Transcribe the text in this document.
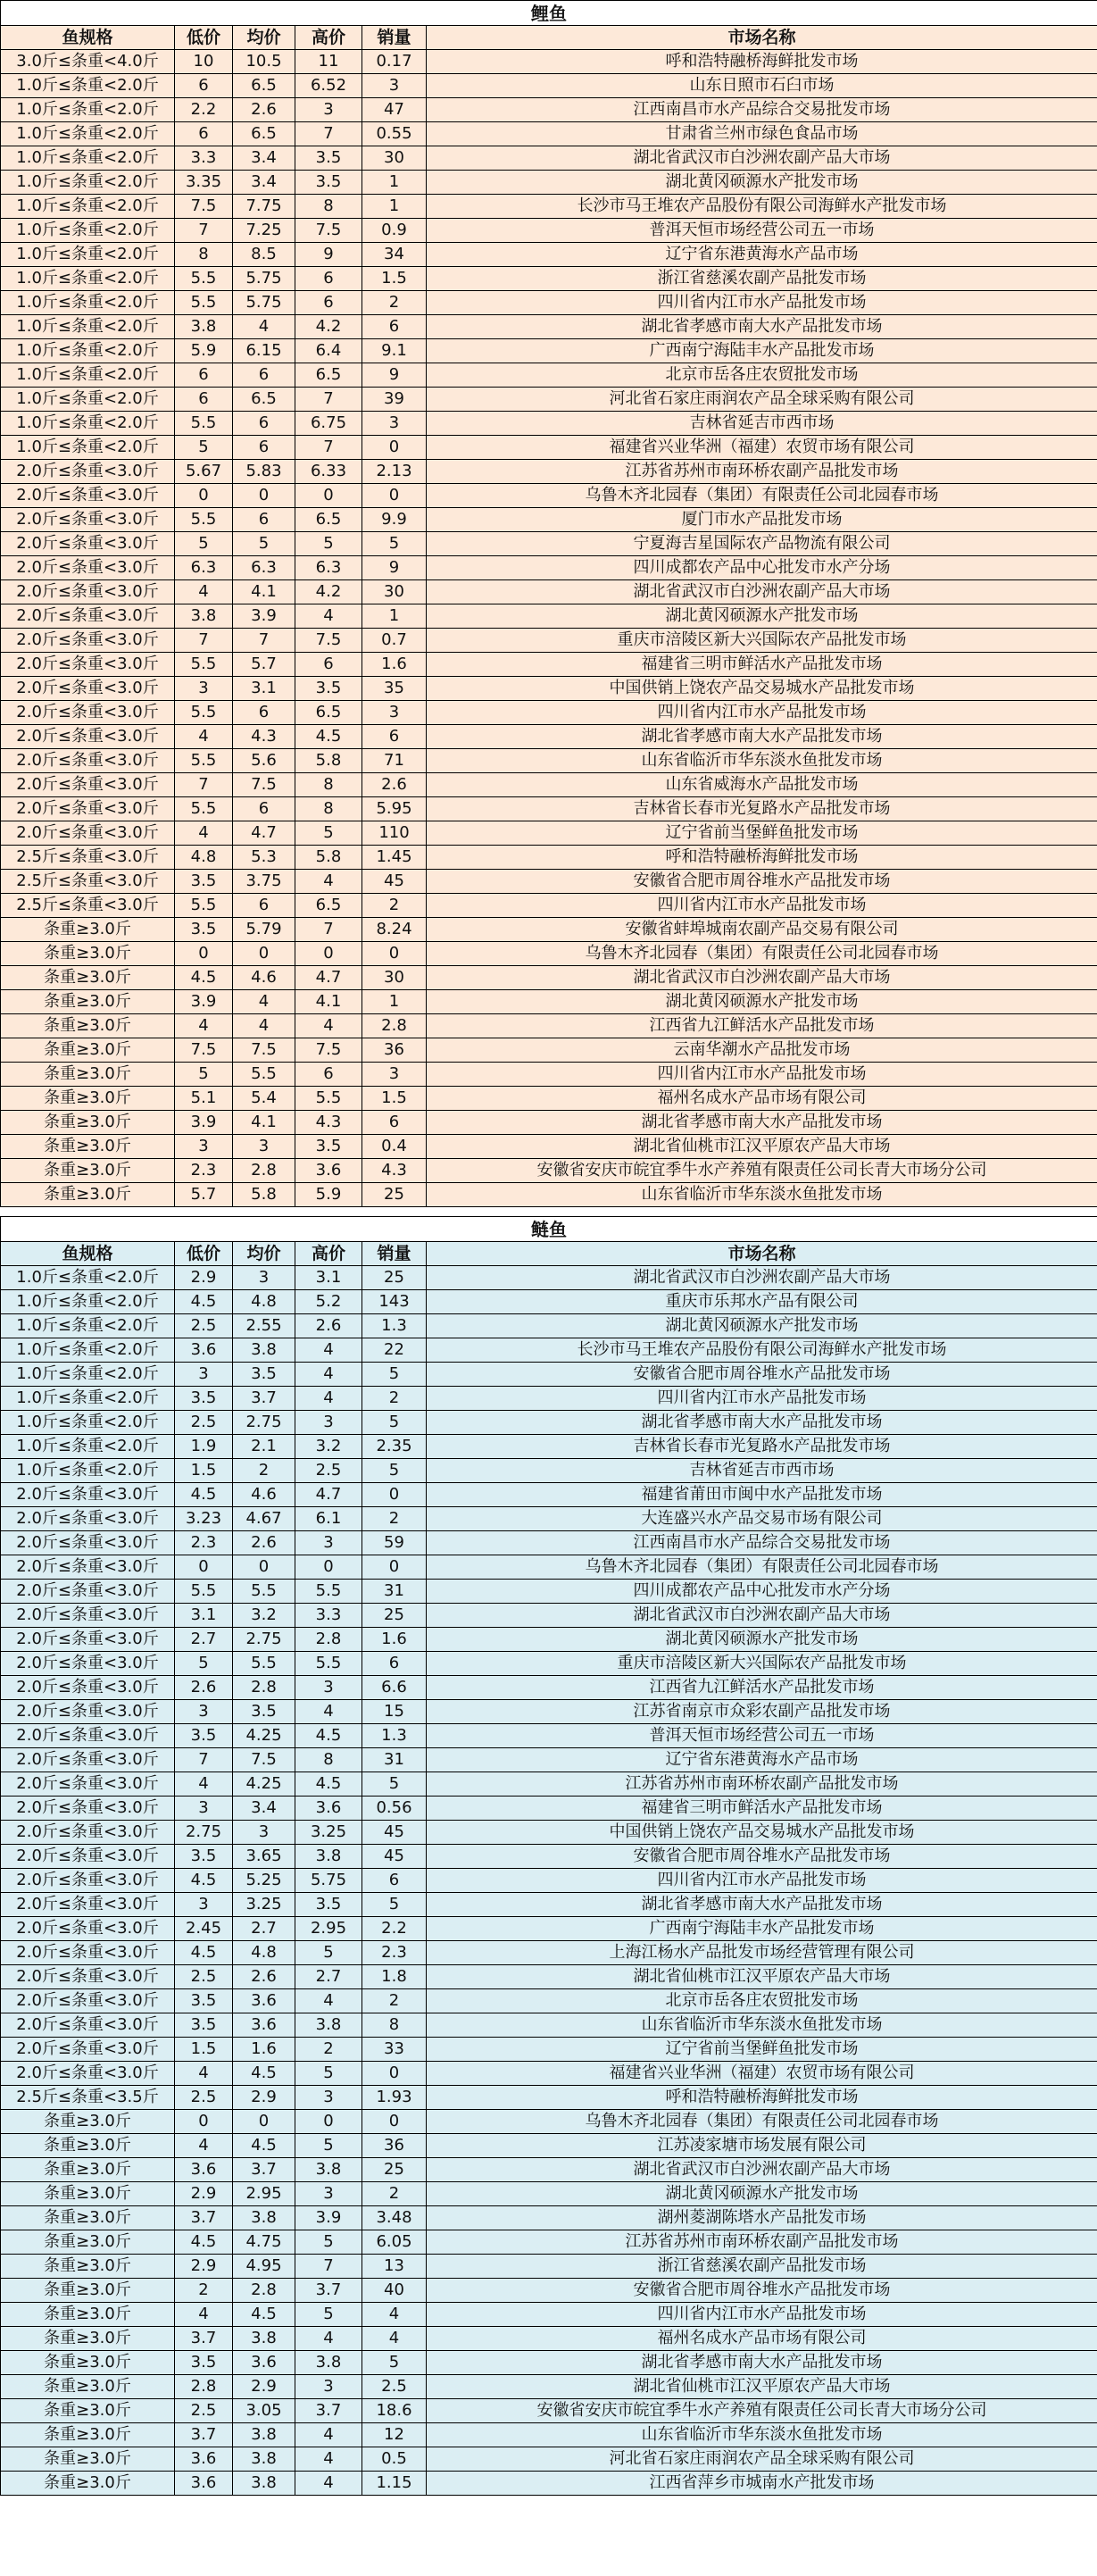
鲤鱼					
鱼规格	低价	均价	高价	销量	市场名称
3.0斤≤条重<4.0斤	10	10.5	11	0.17	呼和浩特融桥海鲜批发市场
1.0斤≤条重<2.0斤	6	6.5	6.52	3	山东日照市石臼市场
1.0斤≤条重<2.0斤	2.2	2.6	3	47	江西南昌市水产品综合交易批发市场
1.0斤≤条重<2.0斤	6	6.5	7	0.55	甘肃省兰州市绿色食品市场
1.0斤≤条重<2.0斤	3.3	3.4	3.5	30	湖北省武汉市白沙洲农副产品大市场
1.0斤≤条重<2.0斤	3.35	3.4	3.5	1	湖北黄冈硕源水产批发市场
1.0斤≤条重<2.0斤	7.5	7.75	8	1	长沙市马王堆农产品股份有限公司海鲜水产批发市场
1.0斤≤条重<2.0斤	7	7.25	7.5	0.9	普洱天恒市场经营公司五一市场
1.0斤≤条重<2.0斤	8	8.5	9	34	辽宁省东港黄海水产品市场
1.0斤≤条重<2.0斤	5.5	5.75	6	1.5	浙江省慈溪农副产品批发市场
1.0斤≤条重<2.0斤	5.5	5.75	6	2	四川省内江市水产品批发市场
1.0斤≤条重<2.0斤	3.8	4	4.2	6	湖北省孝感市南大水产品批发市场
1.0斤≤条重<2.0斤	5.9	6.15	6.4	9.1	广西南宁海陆丰水产品批发市场
1.0斤≤条重<2.0斤	6	6	6.5	9	北京市岳各庄农贸批发市场
1.0斤≤条重<2.0斤	6	6.5	7	39	河北省石家庄雨润农产品全球采购有限公司
1.0斤≤条重<2.0斤	5.5	6	6.75	3	吉林省延吉市西市场
1.0斤≤条重<2.0斤	5	6	7	0	福建省兴业华洲（福建）农贸市场有限公司
2.0斤≤条重<3.0斤	5.67	5.83	6.33	2.13	江苏省苏州市南环桥农副产品批发市场
2.0斤≤条重<3.0斤	0	0	0	0	乌鲁木齐北园春（集团）有限责任公司北园春市场
2.0斤≤条重<3.0斤	5.5	6	6.5	9.9	厦门市水产品批发市场
2.0斤≤条重<3.0斤	5	5	5	5	宁夏海吉星国际农产品物流有限公司
2.0斤≤条重<3.0斤	6.3	6.3	6.3	9	四川成都农产品中心批发市水产分场
2.0斤≤条重<3.0斤	4	4.1	4.2	30	湖北省武汉市白沙洲农副产品大市场
2.0斤≤条重<3.0斤	3.8	3.9	4	1	湖北黄冈硕源水产批发市场
2.0斤≤条重<3.0斤	7	7	7.5	0.7	重庆市涪陵区新大兴国际农产品批发市场
2.0斤≤条重<3.0斤	5.5	5.7	6	1.6	福建省三明市鲜活水产品批发市场
2.0斤≤条重<3.0斤	3	3.1	3.5	35	中国供销上饶农产品交易城水产品批发市场
2.0斤≤条重<3.0斤	5.5	6	6.5	3	四川省内江市水产品批发市场
2.0斤≤条重<3.0斤	4	4.3	4.5	6	湖北省孝感市南大水产品批发市场
2.0斤≤条重<3.0斤	5.5	5.6	5.8	71	山东省临沂市华东淡水鱼批发市场
2.0斤≤条重<3.0斤	7	7.5	8	2.6	山东省威海水产品批发市场
2.0斤≤条重<3.0斤	5.5	6	8	5.95	吉林省长春市光复路水产品批发市场
2.0斤≤条重<3.0斤	4	4.7	5	110	辽宁省前当堡鲜鱼批发市场
2.5斤≤条重<3.0斤	4.8	5.3	5.8	1.45	呼和浩特融桥海鲜批发市场
2.5斤≤条重<3.0斤	3.5	3.75	4	45	安徽省合肥市周谷堆水产品批发市场
2.5斤≤条重<3.0斤	5.5	6	6.5	2	四川省内江市水产品批发市场
条重≥3.0斤	3.5	5.79	7	8.24	安徽省蚌埠城南农副产品交易有限公司
条重≥3.0斤	0	0	0	0	乌鲁木齐北园春（集团）有限责任公司北园春市场
条重≥3.0斤	4.5	4.6	4.7	30	湖北省武汉市白沙洲农副产品大市场
条重≥3.0斤	3.9	4	4.1	1	湖北黄冈硕源水产批发市场
条重≥3.0斤	4	4	4	2.8	江西省九江鲜活水产品批发市场
条重≥3.0斤	7.5	7.5	7.5	36	云南华潮水产品批发市场
条重≥3.0斤	5	5.5	6	3	四川省内江市水产品批发市场
条重≥3.0斤	5.1	5.4	5.5	1.5	福州名成水产品市场有限公司
条重≥3.0斤	3.9	4.1	4.3	6	湖北省孝感市南大水产品批发市场
条重≥3.0斤	3	3	3.5	0.4	湖北省仙桃市江汉平原农产品大市场
条重≥3.0斤	2.3	2.8	3.6	4.3	安徽省安庆市皖宜季牛水产养殖有限责任公司长青大市场分公司
条重≥3.0斤	5.7	5.8	5.9	25	山东省临沂市华东淡水鱼批发市场
鲢鱼					
鱼规格	低价	均价	高价	销量	市场名称
1.0斤≤条重<2.0斤	2.9	3	3.1	25	湖北省武汉市白沙洲农副产品大市场
1.0斤≤条重<2.0斤	4.5	4.8	5.2	143	重庆市乐邦水产品有限公司
1.0斤≤条重<2.0斤	2.5	2.55	2.6	1.3	湖北黄冈硕源水产批发市场
1.0斤≤条重<2.0斤	3.6	3.8	4	22	长沙市马王堆农产品股份有限公司海鲜水产批发市场
1.0斤≤条重<2.0斤	3	3.5	4	5	安徽省合肥市周谷堆水产品批发市场
1.0斤≤条重<2.0斤	3.5	3.7	4	2	四川省内江市水产品批发市场
1.0斤≤条重<2.0斤	2.5	2.75	3	5	湖北省孝感市南大水产品批发市场
1.0斤≤条重<2.0斤	1.9	2.1	3.2	2.35	吉林省长春市光复路水产品批发市场
1.0斤≤条重<2.0斤	1.5	2	2.5	5	吉林省延吉市西市场
2.0斤≤条重<3.0斤	4.5	4.6	4.7	0	福建省莆田市闽中水产品批发市场
2.0斤≤条重<3.0斤	3.23	4.67	6.1	2	大连盛兴水产品交易市场有限公司
2.0斤≤条重<3.0斤	2.3	2.6	3	59	江西南昌市水产品综合交易批发市场
2.0斤≤条重<3.0斤	0	0	0	0	乌鲁木齐北园春（集团）有限责任公司北园春市场
2.0斤≤条重<3.0斤	5.5	5.5	5.5	31	四川成都农产品中心批发市水产分场
2.0斤≤条重<3.0斤	3.1	3.2	3.3	25	湖北省武汉市白沙洲农副产品大市场
2.0斤≤条重<3.0斤	2.7	2.75	2.8	1.6	湖北黄冈硕源水产批发市场
2.0斤≤条重<3.0斤	5	5.5	5.5	6	重庆市涪陵区新大兴国际农产品批发市场
2.0斤≤条重<3.0斤	2.6	2.8	3	6.6	江西省九江鲜活水产品批发市场
2.0斤≤条重<3.0斤	3	3.5	4	15	江苏省南京市众彩农副产品批发市场
2.0斤≤条重<3.0斤	3.5	4.25	4.5	1.3	普洱天恒市场经营公司五一市场
2.0斤≤条重<3.0斤	7	7.5	8	31	辽宁省东港黄海水产品市场
2.0斤≤条重<3.0斤	4	4.25	4.5	5	江苏省苏州市南环桥农副产品批发市场
2.0斤≤条重<3.0斤	3	3.4	3.6	0.56	福建省三明市鲜活水产品批发市场
2.0斤≤条重<3.0斤	2.75	3	3.25	45	中国供销上饶农产品交易城水产品批发市场
2.0斤≤条重<3.0斤	3.5	3.65	3.8	45	安徽省合肥市周谷堆水产品批发市场
2.0斤≤条重<3.0斤	4.5	5.25	5.75	6	四川省内江市水产品批发市场
2.0斤≤条重<3.0斤	3	3.25	3.5	5	湖北省孝感市南大水产品批发市场
2.0斤≤条重<3.0斤	2.45	2.7	2.95	2.2	广西南宁海陆丰水产品批发市场
2.0斤≤条重<3.0斤	4.5	4.8	5	2.3	上海江杨水产品批发市场经营管理有限公司
2.0斤≤条重<3.0斤	2.5	2.6	2.7	1.8	湖北省仙桃市江汉平原农产品大市场
2.0斤≤条重<3.0斤	3.5	3.6	4	2	北京市岳各庄农贸批发市场
2.0斤≤条重<3.0斤	3.5	3.6	3.8	8	山东省临沂市华东淡水鱼批发市场
2.0斤≤条重<3.0斤	1.5	1.6	2	33	辽宁省前当堡鲜鱼批发市场
2.0斤≤条重<3.0斤	4	4.5	5	0	福建省兴业华洲（福建）农贸市场有限公司
2.5斤≤条重<3.5斤	2.5	2.9	3	1.93	呼和浩特融桥海鲜批发市场
条重≥3.0斤	0	0	0	0	乌鲁木齐北园春（集团）有限责任公司北园春市场
条重≥3.0斤	4	4.5	5	36	江苏凌家塘市场发展有限公司
条重≥3.0斤	3.6	3.7	3.8	25	湖北省武汉市白沙洲农副产品大市场
条重≥3.0斤	2.9	2.95	3	2	湖北黄冈硕源水产批发市场
条重≥3.0斤	3.7	3.8	3.9	3.48	湖州菱湖陈塔水产品批发市场
条重≥3.0斤	4.5	4.75	5	6.05	江苏省苏州市南环桥农副产品批发市场
条重≥3.0斤	2.9	4.95	7	13	浙江省慈溪农副产品批发市场
条重≥3.0斤	2	2.8	3.7	40	安徽省合肥市周谷堆水产品批发市场
条重≥3.0斤	4	4.5	5	4	四川省内江市水产品批发市场
条重≥3.0斤	3.7	3.8	4	4	福州名成水产品市场有限公司
条重≥3.0斤	3.5	3.6	3.8	5	湖北省孝感市南大水产品批发市场
条重≥3.0斤	2.8	2.9	3	2.5	湖北省仙桃市江汉平原农产品大市场
条重≥3.0斤	2.5	3.05	3.7	18.6	安徽省安庆市皖宜季牛水产养殖有限责任公司长青大市场分公司
条重≥3.0斤	3.7	3.8	4	12	山东省临沂市华东淡水鱼批发市场
条重≥3.0斤	3.6	3.8	4	0.5	河北省石家庄雨润农产品全球采购有限公司
条重≥3.0斤	3.6	3.8	4	1.15	江西省萍乡市城南水产批发市场
